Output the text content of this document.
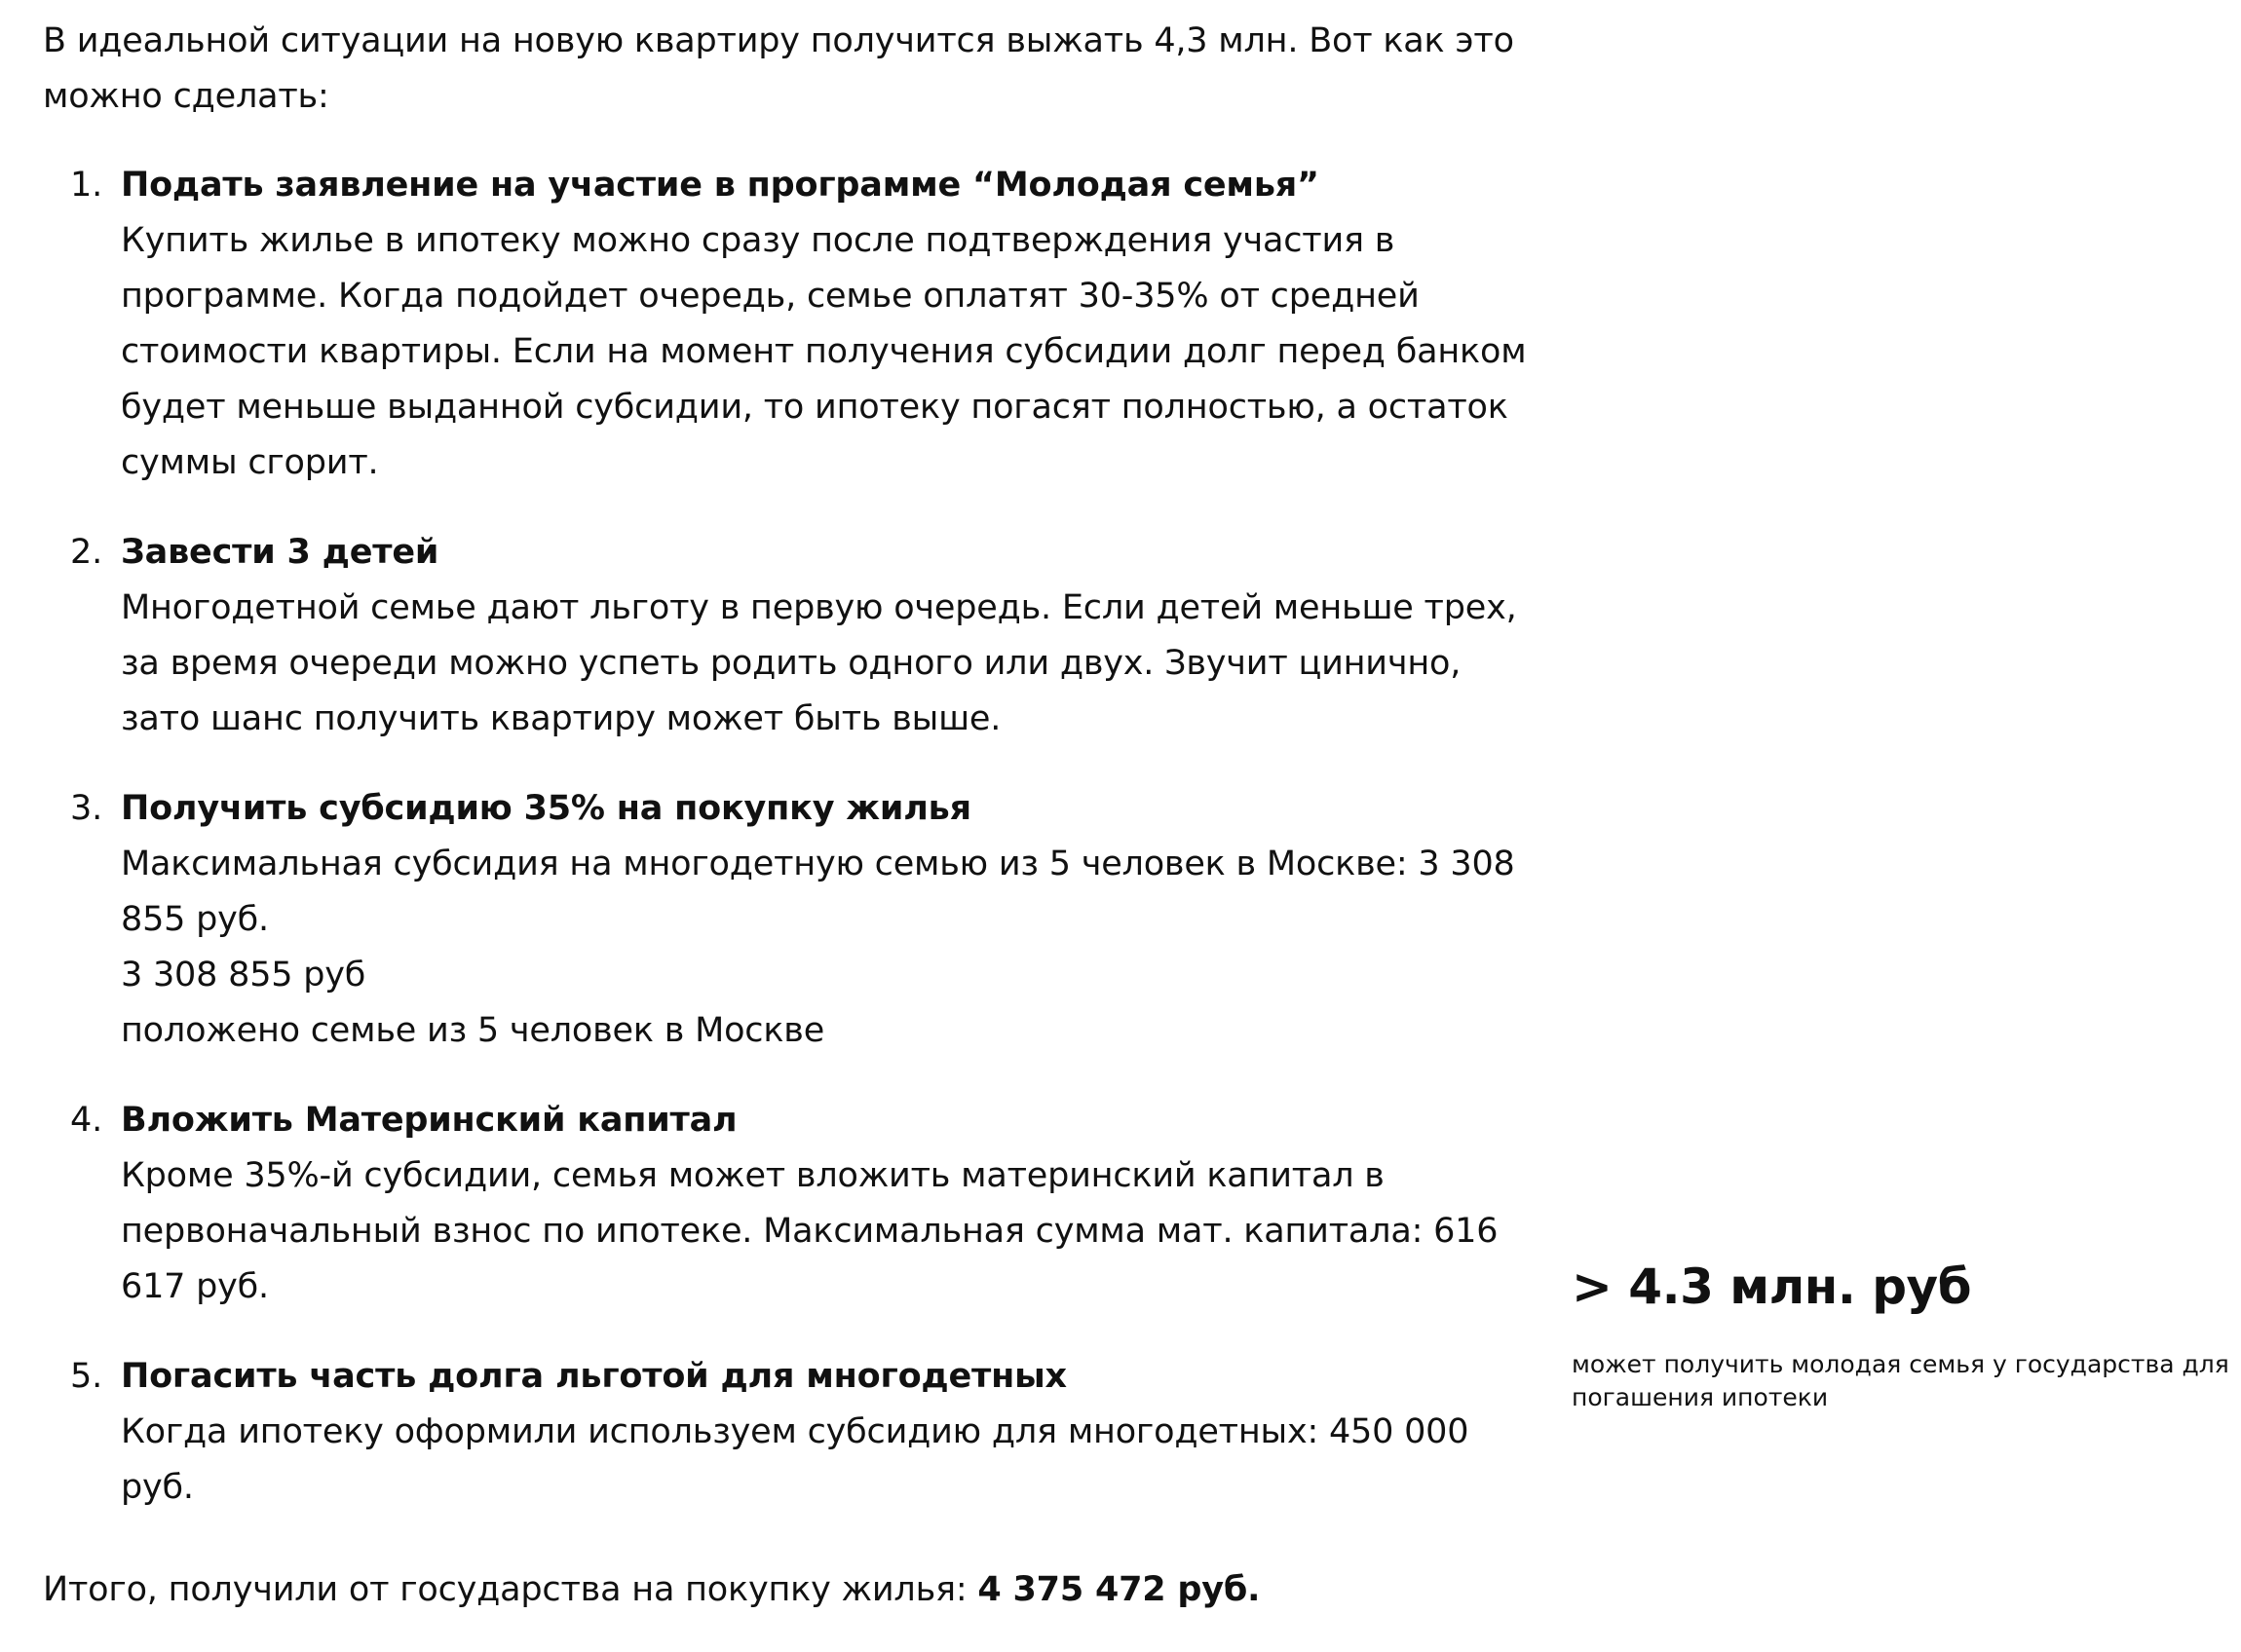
В идеальной ситуации на новую квартиру получится выжать 4,3 млн. Вот как это можно сделать:

1. Подать заявление на участие в программе “Молодая семья”
Купить жилье в ипотеку можно сразу после подтверждения участия в программе. Когда подойдет очередь, семье оплатят 30-35% от средней стоимости квартиры. Если на момент получения субсидии долг перед банком будет меньше выданной субсидии, то ипотеку погасят полностью, а остаток суммы сгорит.
2. Завести 3 детей
Многодетной семье дают льготу в первую очередь. Если детей меньше трех, за время очереди можно успеть родить одного или двух. Звучит цинично, зато шанс получить квартиру может быть выше.
3. Получить субсидию 35% на покупку жилья
Максимальная субсидия на многодетную семью из 5 человек в Москве: 3 308 855 руб.
3 308 855 руб
положено семье из 5 человек в Москве
4. Вложить Материнский капитал
Кроме 35%-й субсидии, семья может вложить материнский капитал в первоначальный взнос по ипотеке. Максимальная сумма мат. капитала: 616 617 руб.
5. Погасить часть долга льготой для многодетных
Когда ипотеку оформили используем субсидию для многодетных: 450 000 руб.

Итого, получили от государства на покупку жилья: 4 375 472 руб.

> 4.3 млн. руб
может получить молодая семья у государства для погашения ипотеки
